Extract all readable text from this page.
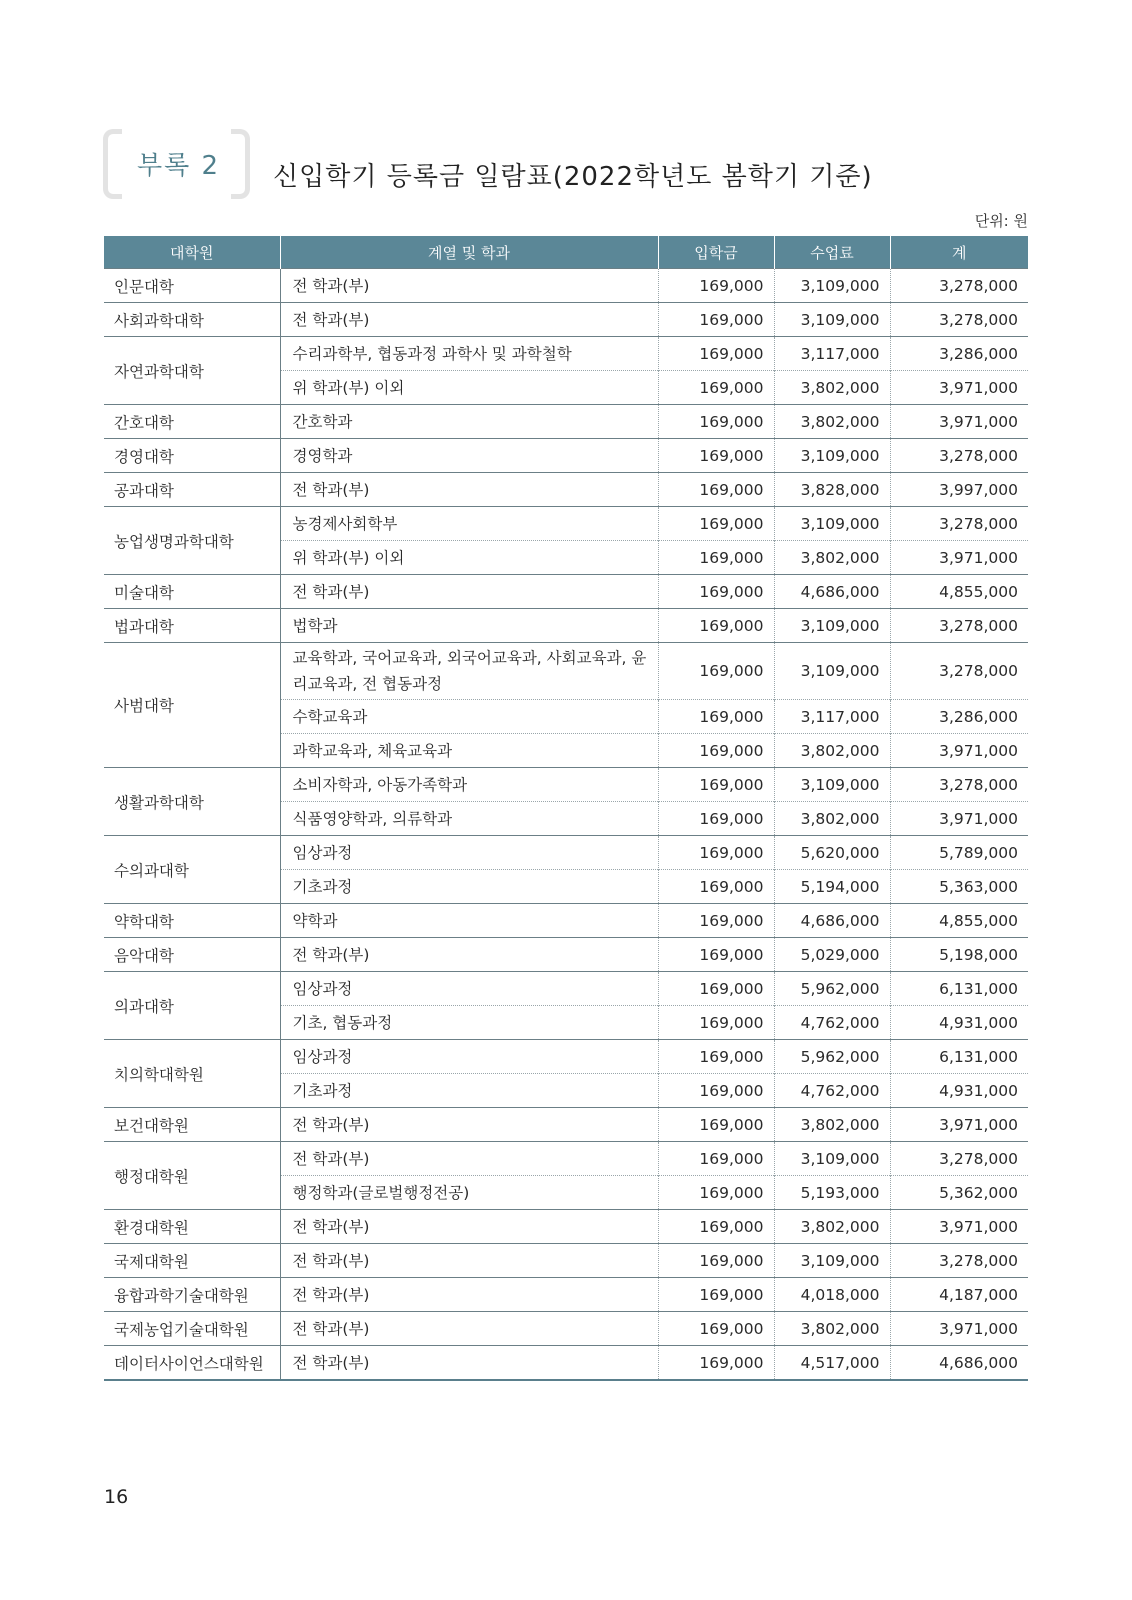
부록 2 신입학기 등록금 일람표(2022학년도 봄학기 기준)
단위: 원
대학원	계열 및 학과	입학금	수업료	계
인문대학	전 학과(부)	169,000	3,109,000	3,278,000
사회과학대학	전 학과(부)	169,000	3,109,000	3,278,000
자연과학대학	수리과학부, 협동과정 과학사 및 과학철학	169,000	3,117,000	3,286,000
	위 학과(부) 이외	169,000	3,802,000	3,971,000
간호대학	간호학과	169,000	3,802,000	3,971,000
경영대학	경영학과	169,000	3,109,000	3,278,000
공과대학	전 학과(부)	169,000	3,828,000	3,997,000
농업생명과학대학	농경제사회학부	169,000	3,109,000	3,278,000
	위 학과(부) 이외	169,000	3,802,000	3,971,000
미술대학	전 학과(부)	169,000	4,686,000	4,855,000
법과대학	법학과	169,000	3,109,000	3,278,000
사범대학	교육학과, 국어교육과, 외국어교육과, 사회교육과, 윤리교육과, 전 협동과정	169,000	3,109,000	3,278,000
	수학교육과	169,000	3,117,000	3,286,000
	과학교육과, 체육교육과	169,000	3,802,000	3,971,000
생활과학대학	소비자학과, 아동가족학과	169,000	3,109,000	3,278,000
	식품영양학과, 의류학과	169,000	3,802,000	3,971,000
수의과대학	임상과정	169,000	5,620,000	5,789,000
	기초과정	169,000	5,194,000	5,363,000
약학대학	약학과	169,000	4,686,000	4,855,000
음악대학	전 학과(부)	169,000	5,029,000	5,198,000
의과대학	임상과정	169,000	5,962,000	6,131,000
	기초, 협동과정	169,000	4,762,000	4,931,000
치의학대학원	임상과정	169,000	5,962,000	6,131,000
	기초과정	169,000	4,762,000	4,931,000
보건대학원	전 학과(부)	169,000	3,802,000	3,971,000
행정대학원	전 학과(부)	169,000	3,109,000	3,278,000
	행정학과(글로벌행정전공)	169,000	5,193,000	5,362,000
환경대학원	전 학과(부)	169,000	3,802,000	3,971,000
국제대학원	전 학과(부)	169,000	3,109,000	3,278,000
융합과학기술대학원	전 학과(부)	169,000	4,018,000	4,187,000
국제농업기술대학원	전 학과(부)	169,000	3,802,000	3,971,000
데이터사이언스대학원	전 학과(부)	169,000	4,517,000	4,686,000
16
